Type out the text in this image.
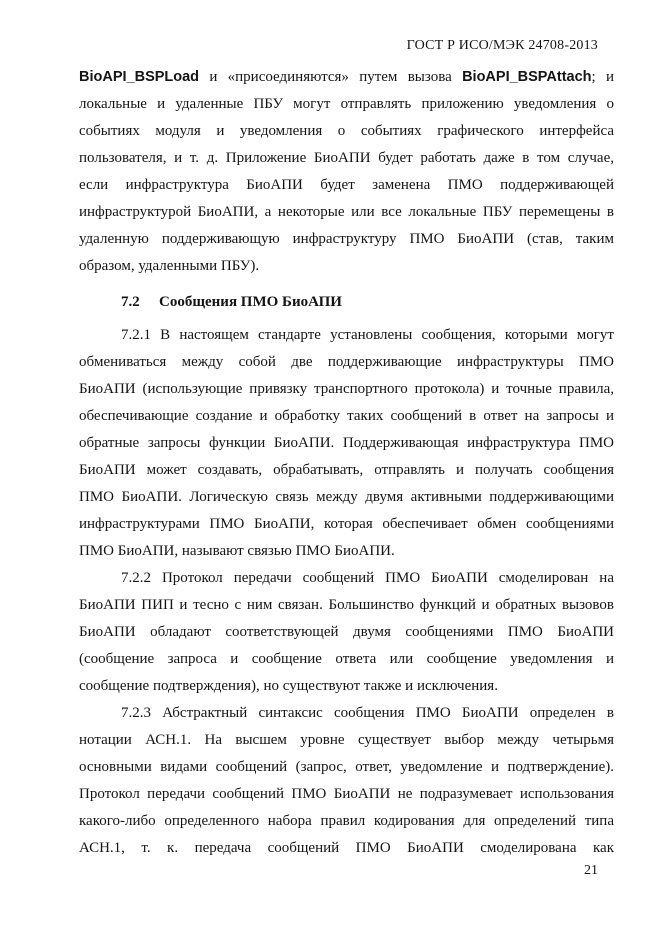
ГОСТ Р ИСО/МЭК 24708-2013
BioAPI_BSPLoad и «присоединяются» путем вызова BioAPI_BSPAttach; и
локальные и удаленные ПБУ могут отправлять приложению уведомления о
событиях модуля и уведомления о событиях графического интерфейса
пользователя, и т. д. Приложение БиоАПИ будет работать даже в том случае,
если инфраструктура БиоАПИ будет заменена ПМО поддерживающей
инфраструктурой БиоАПИ, а некоторые или все локальные ПБУ перемещены в
удаленную поддерживающую инфраструктуру ПМО БиоАПИ (став, таким
образом, удаленными ПБУ).
7.2 Сообщения ПМО БиоАПИ
7.2.1 В настоящем стандарте установлены сообщения, которыми могут
обмениваться между собой две поддерживающие инфраструктуры ПМО
БиоАПИ (использующие привязку транспортного протокола) и точные правила,
обеспечивающие создание и обработку таких сообщений в ответ на запросы и
обратные запросы функции БиоАПИ. Поддерживающая инфраструктура ПМО
БиоАПИ может создавать, обрабатывать, отправлять и получать сообщения
ПМО БиоАПИ. Логическую связь между двумя активными поддерживающими
инфраструктурами ПМО БиоАПИ, которая обеспечивает обмен сообщениями
ПМО БиоАПИ, называют связью ПМО БиоАПИ.
7.2.2 Протокол передачи сообщений ПМО БиоАПИ смоделирован на
БиоАПИ ПИП и тесно с ним связан. Большинство функций и обратных вызовов
БиоАПИ обладают соответствующей двумя сообщениями ПМО БиоАПИ
(сообщение запроса и сообщение ответа или сообщение уведомления и
сообщение подтверждения), но существуют также и исключения.
7.2.3 Абстрактный синтаксис сообщения ПМО БиоАПИ определен в
нотации АСН.1. На высшем уровне существует выбор между четырьмя
основными видами сообщений (запрос, ответ, уведомление и подтверждение).
Протокол передачи сообщений ПМО БиоАПИ не подразумевает использования
какого-либо определенного набора правил кодирования для определений типа
АСН.1, т. к. передача сообщений ПМО БиоАПИ смоделирована как
21
